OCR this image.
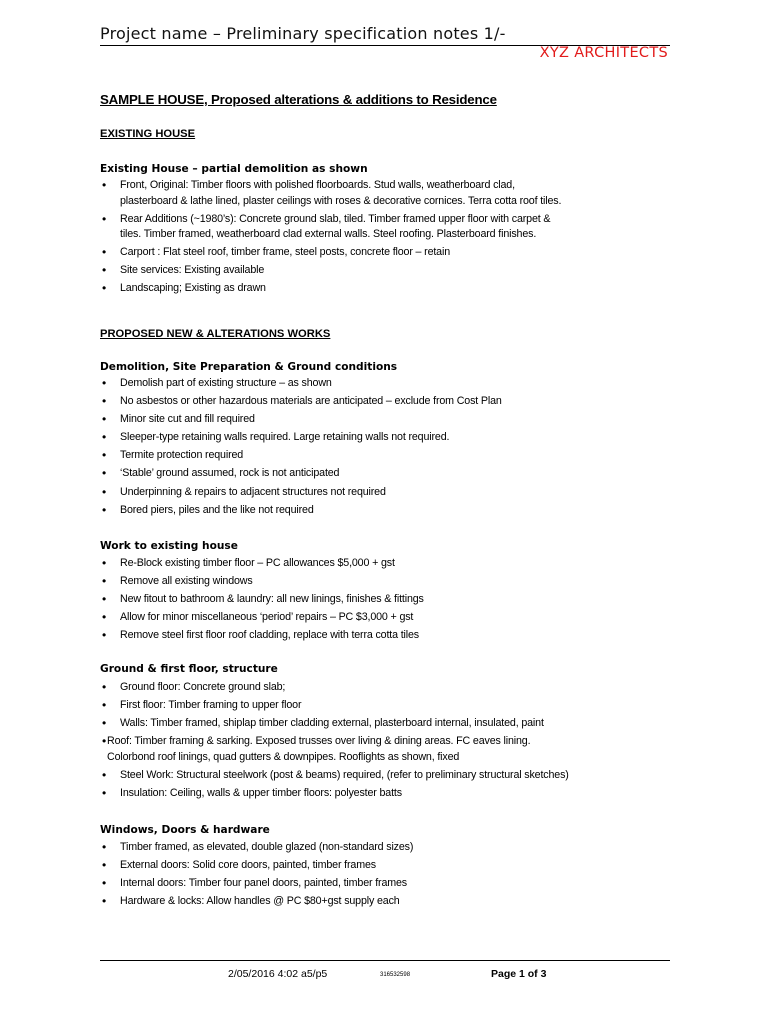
Project name – Preliminary specification notes 1/-
XYZ ARCHITECTS
SAMPLE HOUSE, Proposed alterations & additions to Residence
EXISTING HOUSE
Existing House – partial demolition as shown
• Front, Original: Timber floors with polished floorboards. Stud walls, weatherboard clad,
plasterboard & lathe lined, plaster ceilings with roses & decorative cornices. Terra cotta roof tiles.
• Rear Additions (~1980’s): Concrete ground slab, tiled. Timber framed upper floor with carpet &
tiles. Timber framed, weatherboard clad external walls. Steel roofing. Plasterboard finishes.
• Carport : Flat steel roof, timber frame, steel posts, concrete floor – retain
• Site services: Existing available
• Landscaping; Existing as drawn
PROPOSED NEW & ALTERATIONS WORKS
Demolition, Site Preparation & Ground conditions
• Demolish part of existing structure – as shown
• No asbestos or other hazardous materials are anticipated – exclude from Cost Plan
• Minor site cut and fill required
• Sleeper-type retaining walls required. Large retaining walls not required.
• Termite protection required
• ‘Stable’ ground assumed, rock is not anticipated
• Underpinning & repairs to adjacent structures not required
• Bored piers, piles and the like not required
Work to existing house
• Re-Block existing timber floor – PC allowances $5,000 + gst
• Remove all existing windows
• New fitout to bathroom & laundry: all new linings, finishes & fittings
• Allow for minor miscellaneous ‘period’ repairs – PC $3,000 + gst
• Remove steel first floor roof cladding, replace with terra cotta tiles
Ground & first floor, structure
• Ground floor: Concrete ground slab;
• First floor: Timber framing to upper floor
• Walls: Timber framed, shiplap timber cladding external, plasterboard internal, insulated, paint
• Roof: Timber framing & sarking. Exposed trusses over living & dining areas. FC eaves lining.
Colorbond roof linings, quad gutters & downpipes. Rooflights as shown, fixed
• Steel Work: Structural steelwork (post & beams) required, (refer to preliminary structural sketches)
• Insulation: Ceiling, walls & upper timber floors: polyester batts
Windows, Doors & hardware
• Timber framed, as elevated, double glazed (non-standard sizes)
• External doors: Solid core doors, painted, timber frames
• Internal doors: Timber four panel doors, painted, timber frames
• Hardware & locks: Allow handles @ PC $80+gst supply each
2/05/2016 4:02 a5/p5	316532598	Page 1 of 3
